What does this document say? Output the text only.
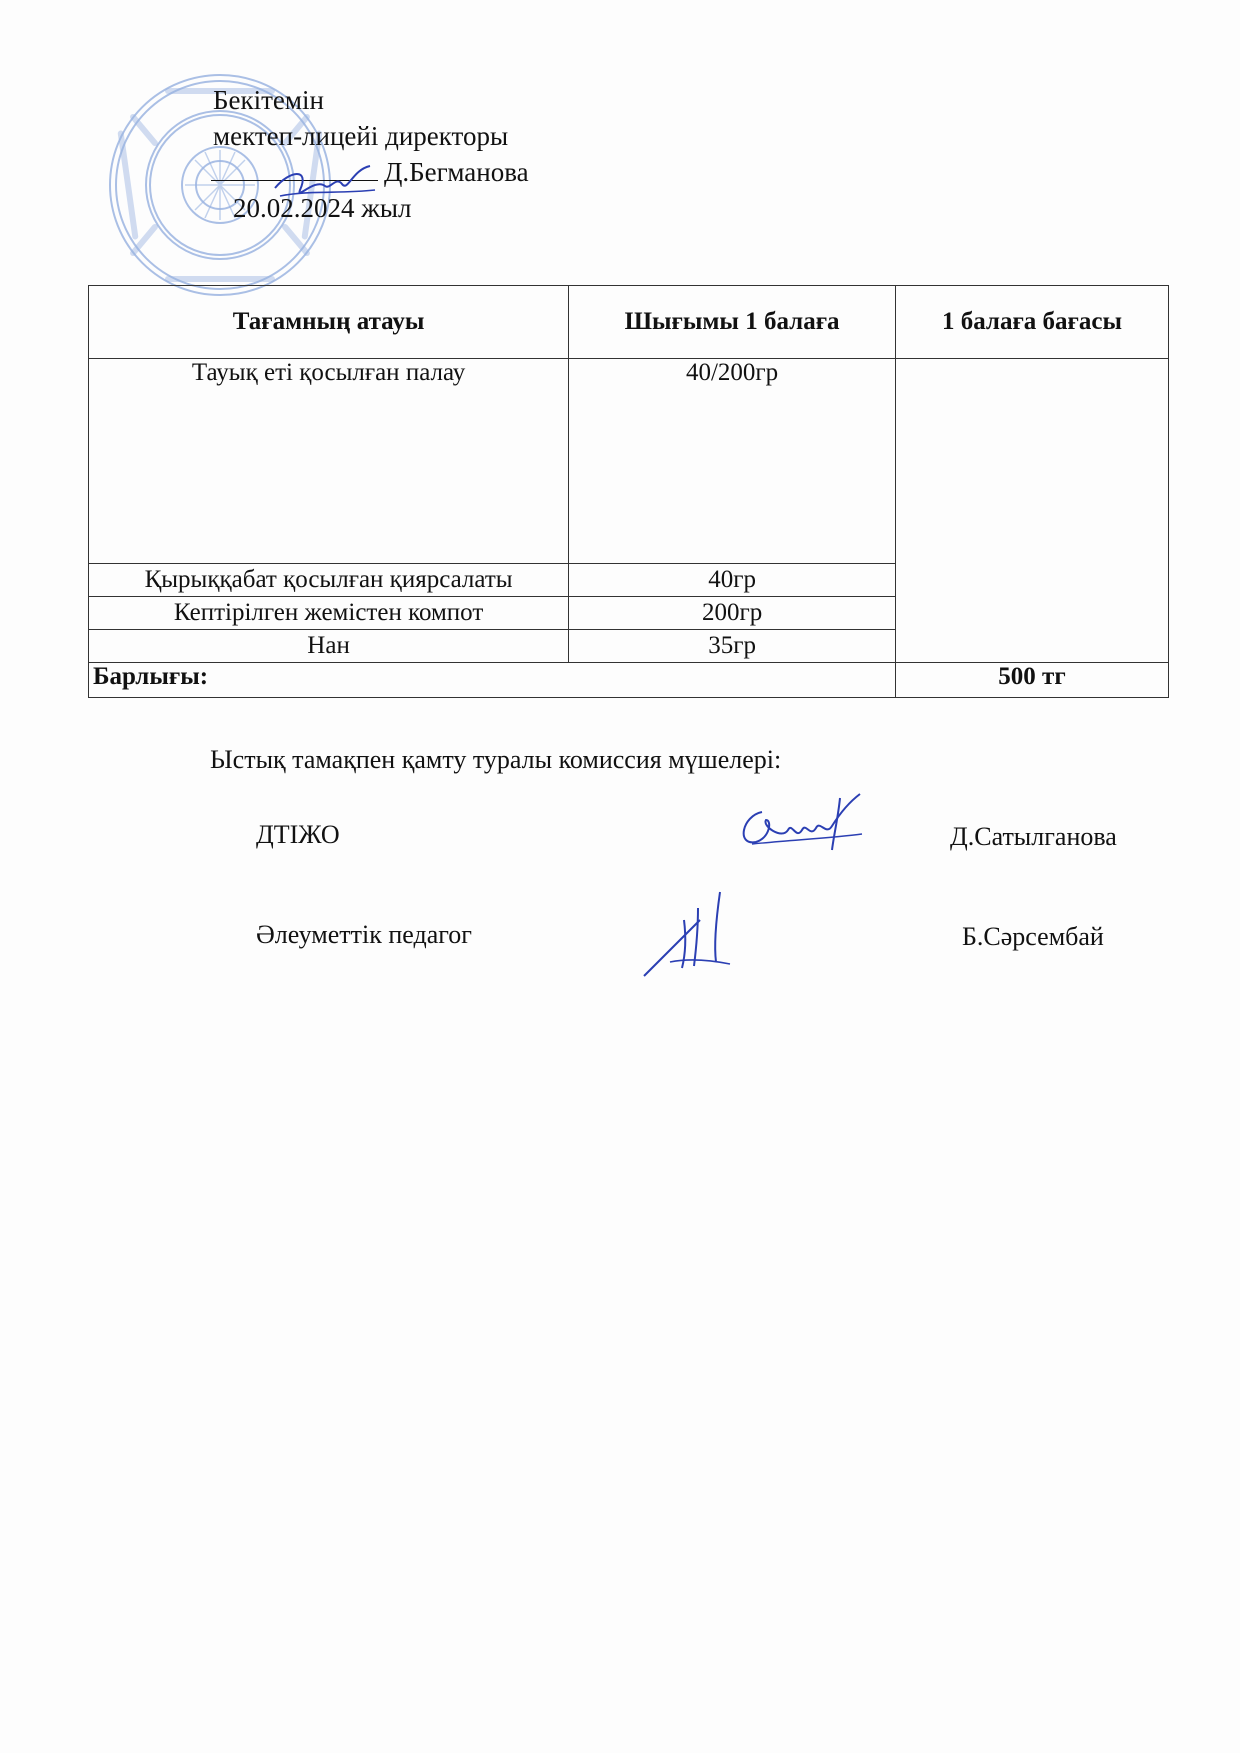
Бекітемін
мектеп-лицейі директоры
Д.Бегманова
20.02.2024 жыл
Тағамның атауы	Шығымы 1 балаға	1 балаға бағасы
Тауық еті қосылған палау	40/200гр	
Қырыққабат қосылған қиярсалаты	40гр	
Кептірілген жемістен компот	200гр	
Нан	35гр	
Барлығы:		500 тг
Ыстық тамақпен қамту туралы комиссия мүшелері:
ДТІЖО	Д.Сатылганова
Әлеуметтік педагог	Б.Сәрсембай
